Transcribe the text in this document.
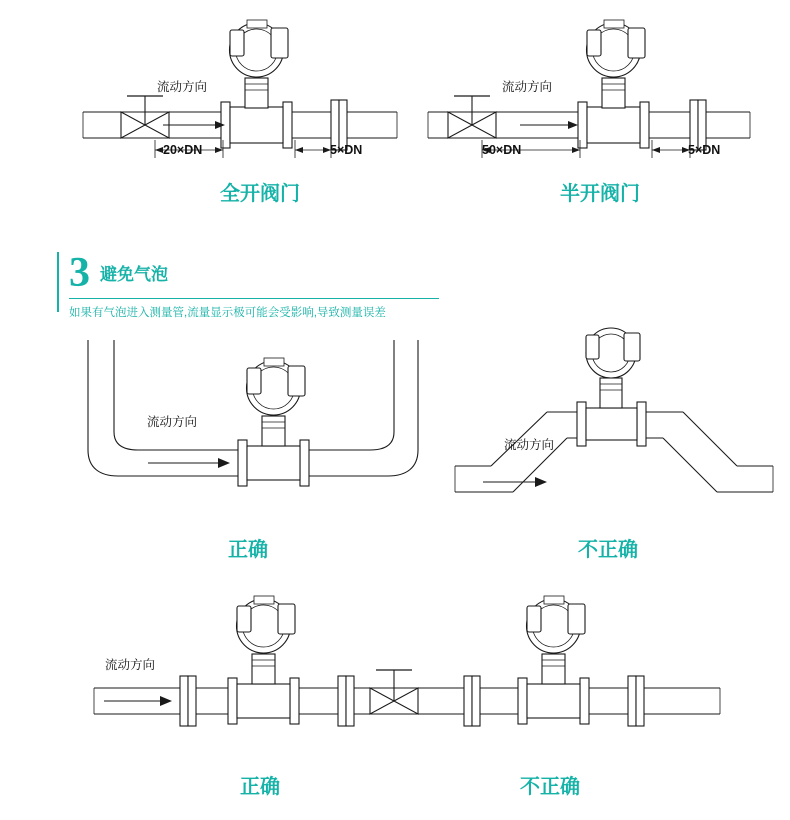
流动方向
20×DN	5×DN
全开阀门
流动方向
50×DN	5×DN
半开阀门
3 避免气泡
如果有气泡进入测量管,流量显示极可能会受影响,导致测量误差
流动方向
正确
流动方向
不正确
流动方向
正确	不正确
